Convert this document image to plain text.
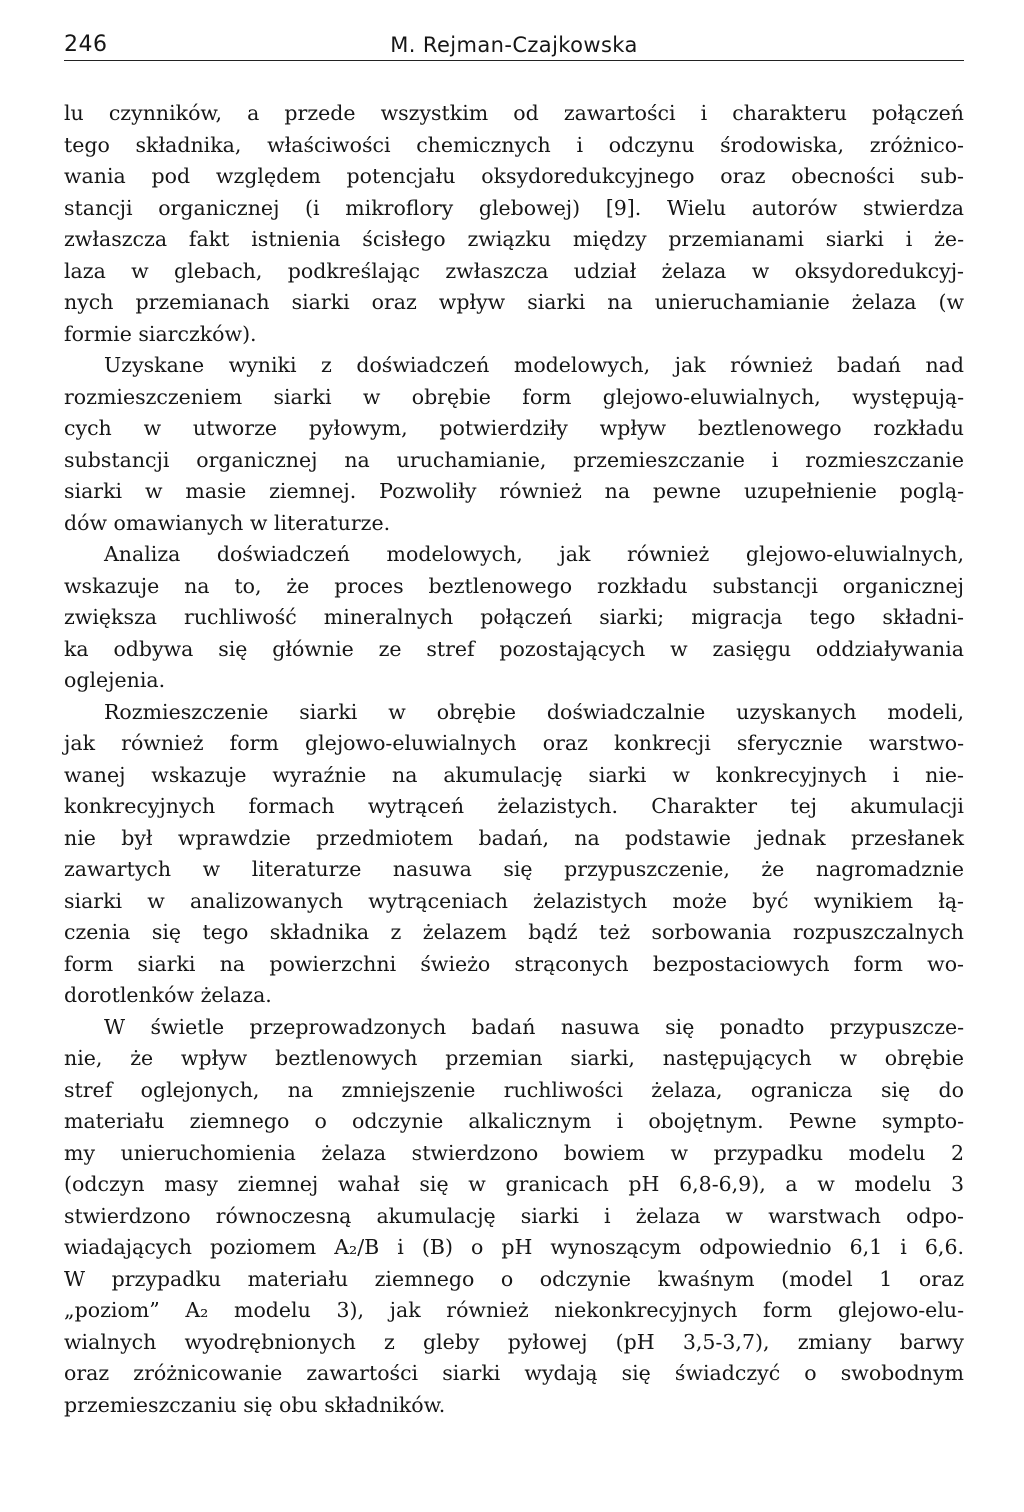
246	M. Rejman-Czajkowska

lu czynników, a przede wszystkim od zawartości i charakteru połączeń
tego składnika, właściwości chemicznych i odczynu środowiska, zróżnico-
wania pod względem potencjału oksydoredukcyjnego oraz obecności sub-
stancji organicznej (i mikroflory glebowej) [9]. Wielu autorów stwierdza
zwłaszcza fakt istnienia ścisłego związku między przemianami siarki i że-
laza w glebach, podkreślając zwłaszcza udział żelaza w oksydoredukcyj-
nych przemianach siarki oraz wpływ siarki na unieruchamianie żelaza (w
formie siarczków).

Uzyskane wyniki z doświadczeń modelowych, jak również badań nad
rozmieszczeniem siarki w obrębie form glejowo-eluwialnych, występują-
cych w utworze pyłowym, potwierdziły wpływ beztlenowego rozkładu
substancji organicznej na uruchamianie, przemieszczanie i rozmieszczanie
siarki w masie ziemnej. Pozwoliły również na pewne uzupełnienie poglą-
dów omawianych w literaturze.

Analiza doświadczeń modelowych, jak również glejowo-eluwialnych,
wskazuje na to, że proces beztlenowego rozkładu substancji organicznej
zwiększa ruchliwość mineralnych połączeń siarki; migracja tego składni-
ka odbywa się głównie ze stref pozostających w zasięgu oddziaływania
oglejenia.

Rozmieszczenie siarki w obrębie doświadczalnie uzyskanych modeli,
jak również form glejowo-eluwialnych oraz konkrecji sferycznie warstwo-
wanej wskazuje wyraźnie na akumulację siarki w konkrecyjnych i nie-
konkrecyjnych formach wytrąceń żelazistych. Charakter tej akumulacji
nie był wprawdzie przedmiotem badań, na podstawie jednak przesłanek
zawartych w literaturze nasuwa się przypuszczenie, że nagromadznie
siarki w analizowanych wytrąceniach żelazistych może być wynikiem łą-
czenia się tego składnika z żelazem bądź też sorbowania rozpuszczalnych
form siarki na powierzchni świeżo strąconych bezpostaciowych form wo-
dorotlenków żelaza.

W świetle przeprowadzonych badań nasuwa się ponadto przypuszcze-
nie, że wpływ beztlenowych przemian siarki, następujących w obrębie
stref oglejonych, na zmniejszenie ruchliwości żelaza, ogranicza się do
materiału ziemnego o odczynie alkalicznym i obojętnym. Pewne sympto-
my unieruchomienia żelaza stwierdzono bowiem w przypadku modelu 2
(odczyn masy ziemnej wahał się w granicach pH 6,8-6,9), a w modelu 3
stwierdzono równoczesną akumulację siarki i żelaza w warstwach odpo-
wiadających poziomem A₂/B i (B) o pH wynoszącym odpowiednio 6,1 i 6,6.
W przypadku materiału ziemnego o odczynie kwaśnym (model 1 oraz
„poziom” A₂ modelu 3), jak również niekonkrecyjnych form glejowo-elu-
wialnych wyodrębnionych z gleby pyłowej (pH 3,5-3,7), zmiany barwy
oraz zróżnicowanie zawartości siarki wydają się świadczyć o swobodnym
przemieszczaniu się obu składników.
